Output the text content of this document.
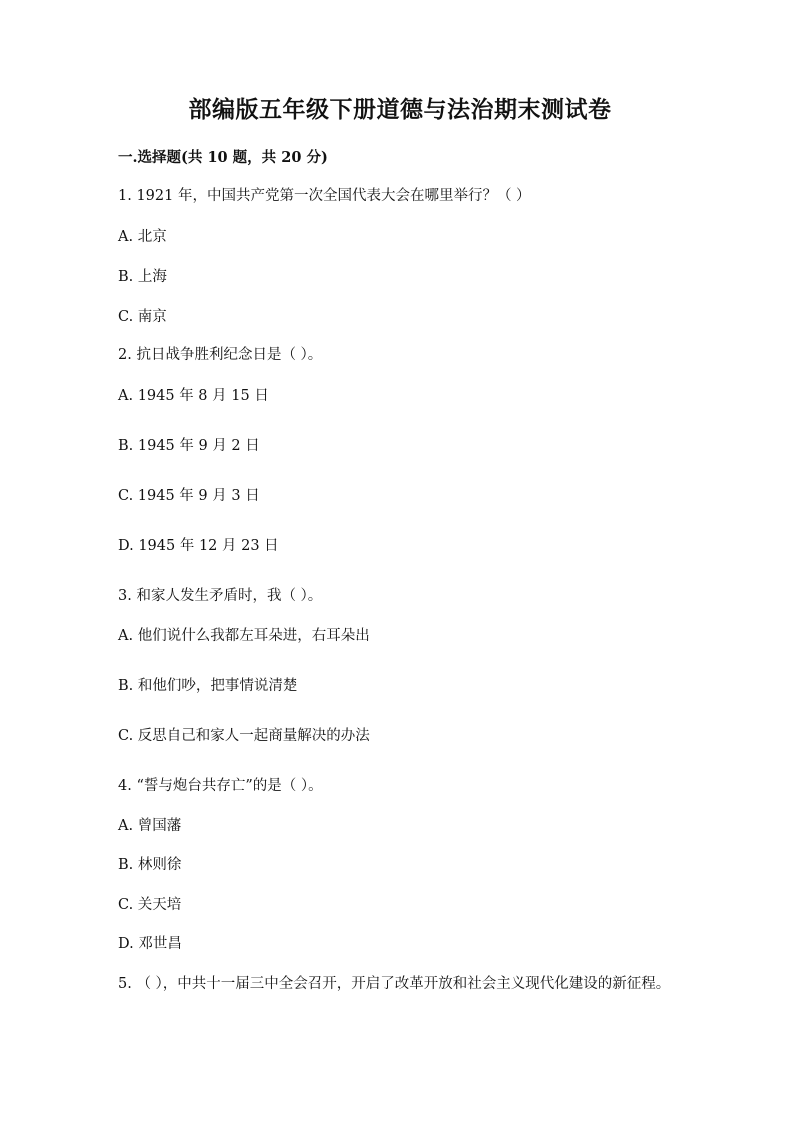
部编版五年级下册道德与法治期末测试卷
一.选择题(共 10 题，共 20 分)
1. 1921 年，中国共产党第一次全国代表大会在哪里举行？（ ）
A. 北京
B. 上海
C. 南京
2. 抗日战争胜利纪念日是（ ）。
A. 1945 年 8 月 15 日
B. 1945 年 9 月 2 日
C. 1945 年 9 月 3 日
D. 1945 年 12 月 23 日
3. 和家人发生矛盾时，我（ ）。
A. 他们说什么我都左耳朵进，右耳朵出
B. 和他们吵，把事情说清楚
C. 反思自己和家人一起商量解决的办法
4. “誓与炮台共存亡”的是（ ）。
A. 曾国藩
B. 林则徐
C. 关天培
D. 邓世昌
5. （ ），中共十一届三中全会召开，开启了改革开放和社会主义现代化建设的新征程。
